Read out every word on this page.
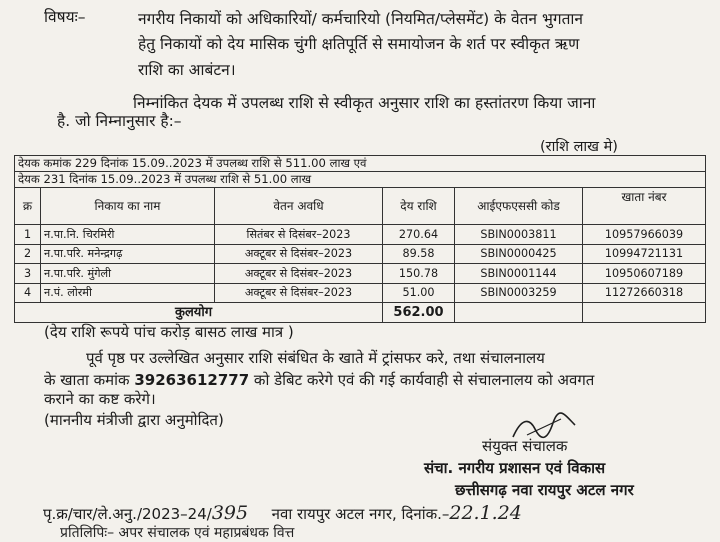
विषयः–	नगरीय निकायों को अधिकारियों/ कर्मचारियो (नियमित/प्लेसमेंट) के वेतन भुगतान
हेतु निकायों को देय मासिक चुंगी क्षतिपूर्ति से समायोजन के शर्त पर स्वीकृत ऋण
राशि का आबंटन।
निम्नांकित देयक में उपलब्ध राशि से स्वीकृत अनुसार राशि का हस्तांतरण किया जाना
है. जो निम्नानुसार है:–
(राशि लाख मे)
देयक कमांक 229 दिनांक 15.09..2023 में उपलब्ध राशि से 511.00 लाख एवं					
देयक 231 दिनांक 15.09..2023 में उपलब्ध राशि से 51.00 लाख					
क्र	निकाय का नाम	वेतन अवधि	देय राशि	आईएफएससी कोड	खाता नंबर
1	न.पा.नि. चिरमिरी	सितंबर से दिसंबर–2023	270.64	SBIN0003811	10957966039
2	न.पा.परि. मनेन्द्रगढ़	अक्टूबर से दिसंबर–2023	89.58	SBIN0000425	10994721131
3	न.पा.परि. मुंगेली	अक्टूबर से दिसंबर–2023	150.78	SBIN0001144	10950607189
4	न.पं. लोरमी	अक्टूबर से दिसंबर–2023	51.00	SBIN0003259	11272660318
कुलयोग			562.00		
(देय राशि रूपये पांच करोड़ बासठ लाख मात्र )
पूर्व पृष्ठ पर उल्लेखित अनुसार राशि संबंधित के खाते में ट्रांसफर करे, तथा संचालनालय
के खाता कमांक 39263612777 को डेबिट करेगे एवं की गई कार्यवाही से संचालनालय को अवगत
कराने का कष्ट करेगे।
(माननीय मंत्रीजी द्वारा अनुमोदित)
संयुक्त संचालक
संचा. नगरीय प्रशासन एवं विकास
छत्तीसगढ़ नवा रायपुर अटल नगर
पृ.क्र/चार/ले.अनु./2023–24/395 नवा रायपुर अटल नगर, दिनांक.–22.1.24
प्रतिलिपिः– अपर संचालक एवं महाप्रबंधक वित्त
